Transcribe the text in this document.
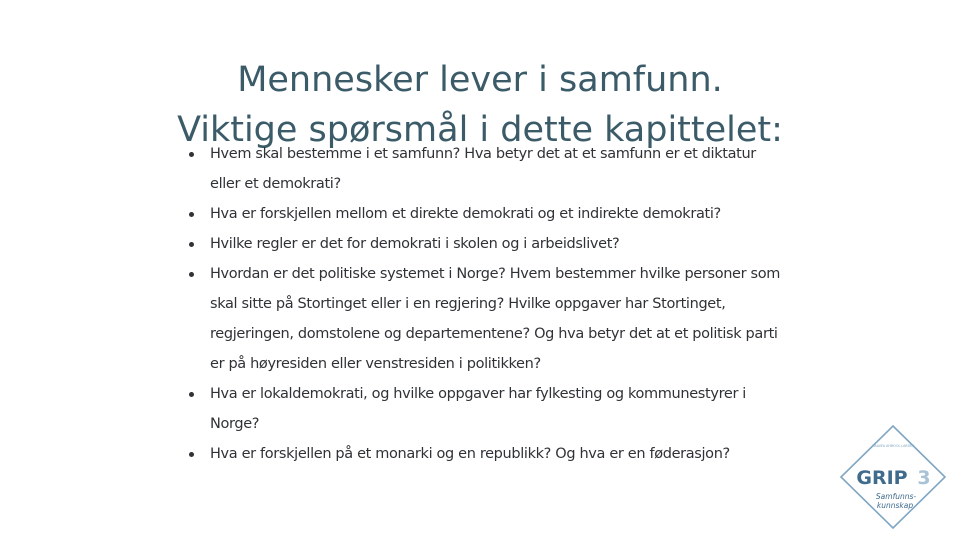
Mennesker lever i samfunn.
Viktige spørsmål i dette kapittelet:
Hvem skal bestemme i et samfunn? Hva betyr det at et samfunn er et diktatur eller et demokrati?
Hva er forskjellen mellom et direkte demokrati og et indirekte demokrati?
Hvilke regler er det for demokrati i skolen og i arbeidslivet?
Hvordan er det politiske systemet i Norge? Hvem bestemmer hvilke personer som skal sitte på Stortinget eller i en regjering? Hvilke oppgaver har Stortinget, regjeringen, domstolene og departementene? Og hva betyr det at et politisk parti er på høyresiden eller venstresiden i politikken?
Hva er lokaldemokrati, og hvilke oppgaver har fylkesting og kommunestyrer i Norge?
Hva er forskjellen på et monarki og en republikk? Og hva er en føderasjon?	HAAVEA AHMOOL LARSEN
GRIP 3
Samfunns-
kunnskap
